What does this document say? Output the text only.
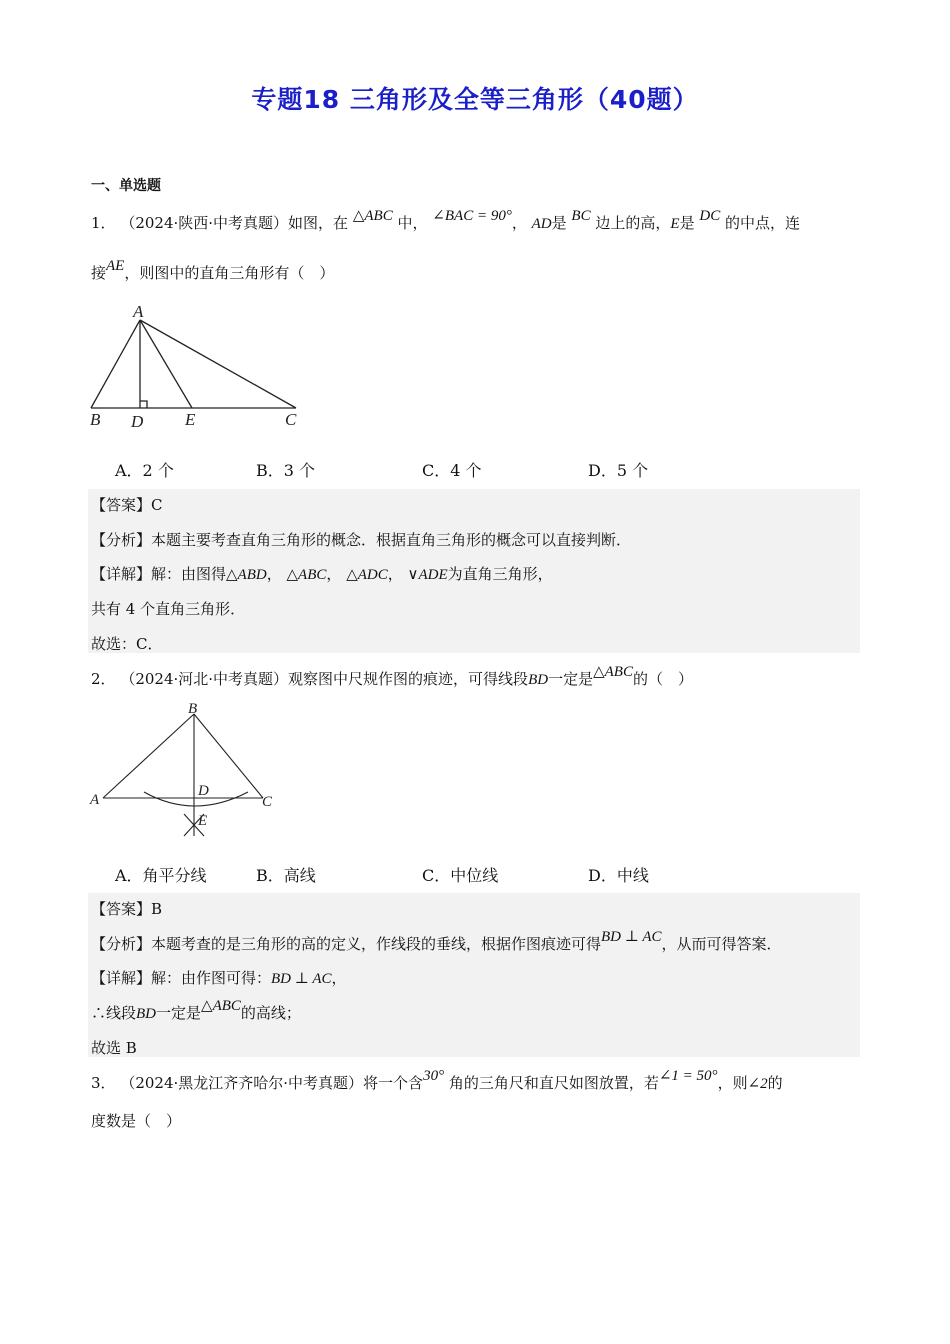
专题18 三角形及全等三角形（40题）
一、单选题
1． （2024·陕西·中考真题）如图，在 △ABC 中， ∠BAC = 90°， AD是 BC 边上的高，E是 DC 的中点，连
接AE，则图中的直角三角形有（　）
A
B D E	C
A．2 个	B．3 个	C．4 个	D．5 个
【答案】C
【分析】本题主要考查直角三角形的概念．根据直角三角形的概念可以直接判断．
【详解】解：由图得△ABD， △ABC， △ADC， ∨ADE为直角三角形，
共有 4 个直角三角形．
故选：C．
2． （2024·河北·中考真题）观察图中尺规作图的痕迹，可得线段BD一定是△ABC的（　）
B
A
D
C
E
A．角平分线	B．高线	C．中位线	D．中线
【答案】B
【分析】本题考查的是三角形的高的定义，作线段的垂线，根据作图痕迹可得BD ⊥ AC，从而可得答案．
【详解】解：由作图可得：BD ⊥ AC，
∴线段BD一定是△ABC的高线；
故选 B
3． （2024·黑龙江齐齐哈尔·中考真题）将一个含30° 角的三角尺和直尺如图放置，若∠1 = 50°，则∠2的
度数是（　）
